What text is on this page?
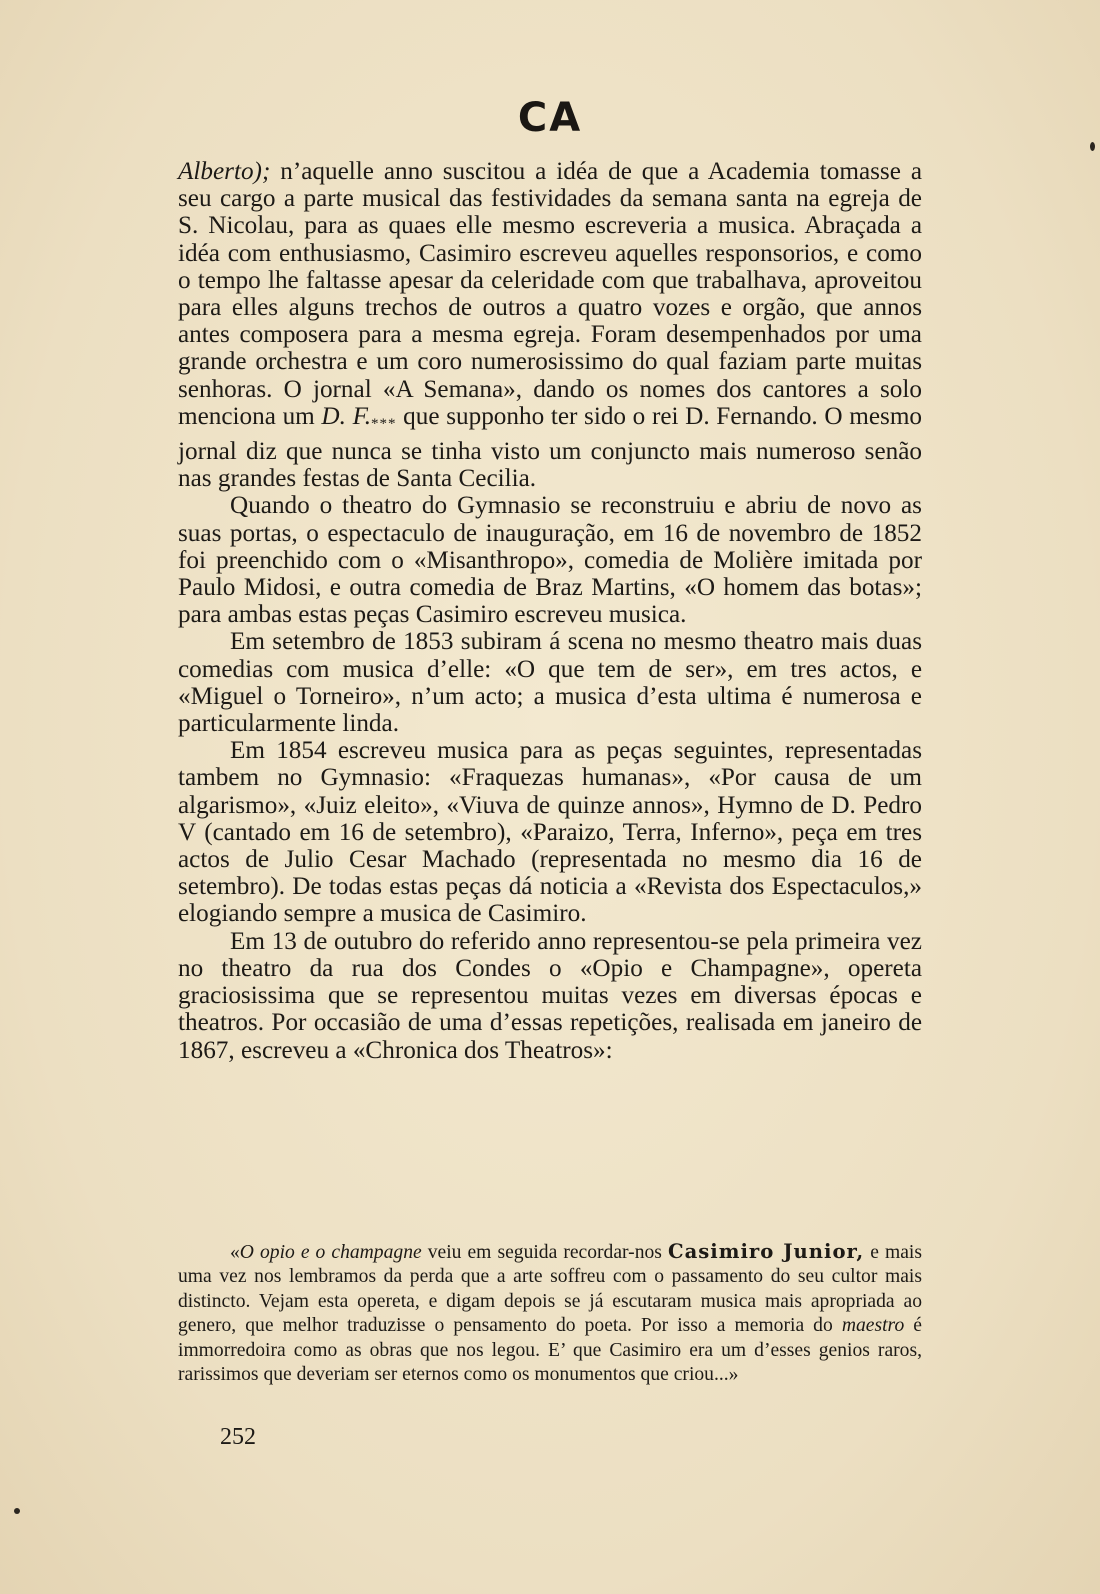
CA

Alberto); n’aquelle anno suscitou a idéa de que a Academia tomasse a seu cargo a parte musical das festividades da semana santa na egreja de S. Nicolau, para as quaes elle mesmo escreveria a musica. Abraçada a idéa com enthusiasmo, Casimiro escreveu aquelles responsorios, e como o tempo lhe faltasse apesar da celeridade com que trabalhava, aproveitou para elles alguns trechos de outros a quatro vozes e orgão, que annos antes composera para a mesma egreja. Foram desempenhados por uma grande orchestra e um coro numerosissimo do qual faziam parte muitas senhoras. O jornal «A Semana», dando os nomes dos cantores a solo menciona um D. F.*** que supponho ter sido o rei D. Fernando. O mesmo jornal diz que nunca se tinha visto um conjuncto mais numeroso senão nas grandes festas de Santa Cecilia.

Quando o theatro do Gymnasio se reconstruiu e abriu de novo as suas portas, o espectaculo de inauguração, em 16 de novembro de 1852 foi preenchido com o «Misanthropo», comedia de Molière imitada por Paulo Midosi, e outra comedia de Braz Martins, «O homem das botas»; para ambas estas peças Casimiro escreveu musica.

Em setembro de 1853 subiram á scena no mesmo theatro mais duas comedias com musica d’elle: «O que tem de ser», em tres actos, e «Miguel o Torneiro», n’um acto; a musica d’esta ultima é numerosa e particularmente linda.

Em 1854 escreveu musica para as peças seguintes, representadas tambem no Gymnasio: «Fraquezas humanas», «Por causa de um algarismo», «Juiz eleito», «Viuva de quinze annos», Hymno de D. Pedro V (cantado em 16 de setembro), «Paraizo, Terra, Inferno», peça em tres actos de Julio Cesar Machado (representada no mesmo dia 16 de setembro). De todas estas peças dá noticia a «Revista dos Espectaculos,» elogiando sempre a musica de Casimiro.

Em 13 de outubro do referido anno representou-se pela primeira vez no theatro da rua dos Condes o «Opio e Champagne», opereta graciosissima que se representou muitas vezes em diversas épocas e theatros. Por occasião de uma d’essas repetições, realisada em janeiro de 1867, escreveu a «Chronica dos Theatros»:

«O opio e o champagne veiu em seguida recordar-nos Casimiro Junior, e mais uma vez nos lembramos da perda que a arte soffreu com o passamento do seu cultor mais distincto. Vejam esta opereta, e digam depois se já escutaram musica mais apropriada ao genero, que melhor traduzisse o pensamento do poeta. Por isso a memoria do maestro é immorredoira como as obras que nos legou. E’ que Casimiro era um d’esses genios raros, rarissimos que deveriam ser eternos como os monumentos que criou...»

252
